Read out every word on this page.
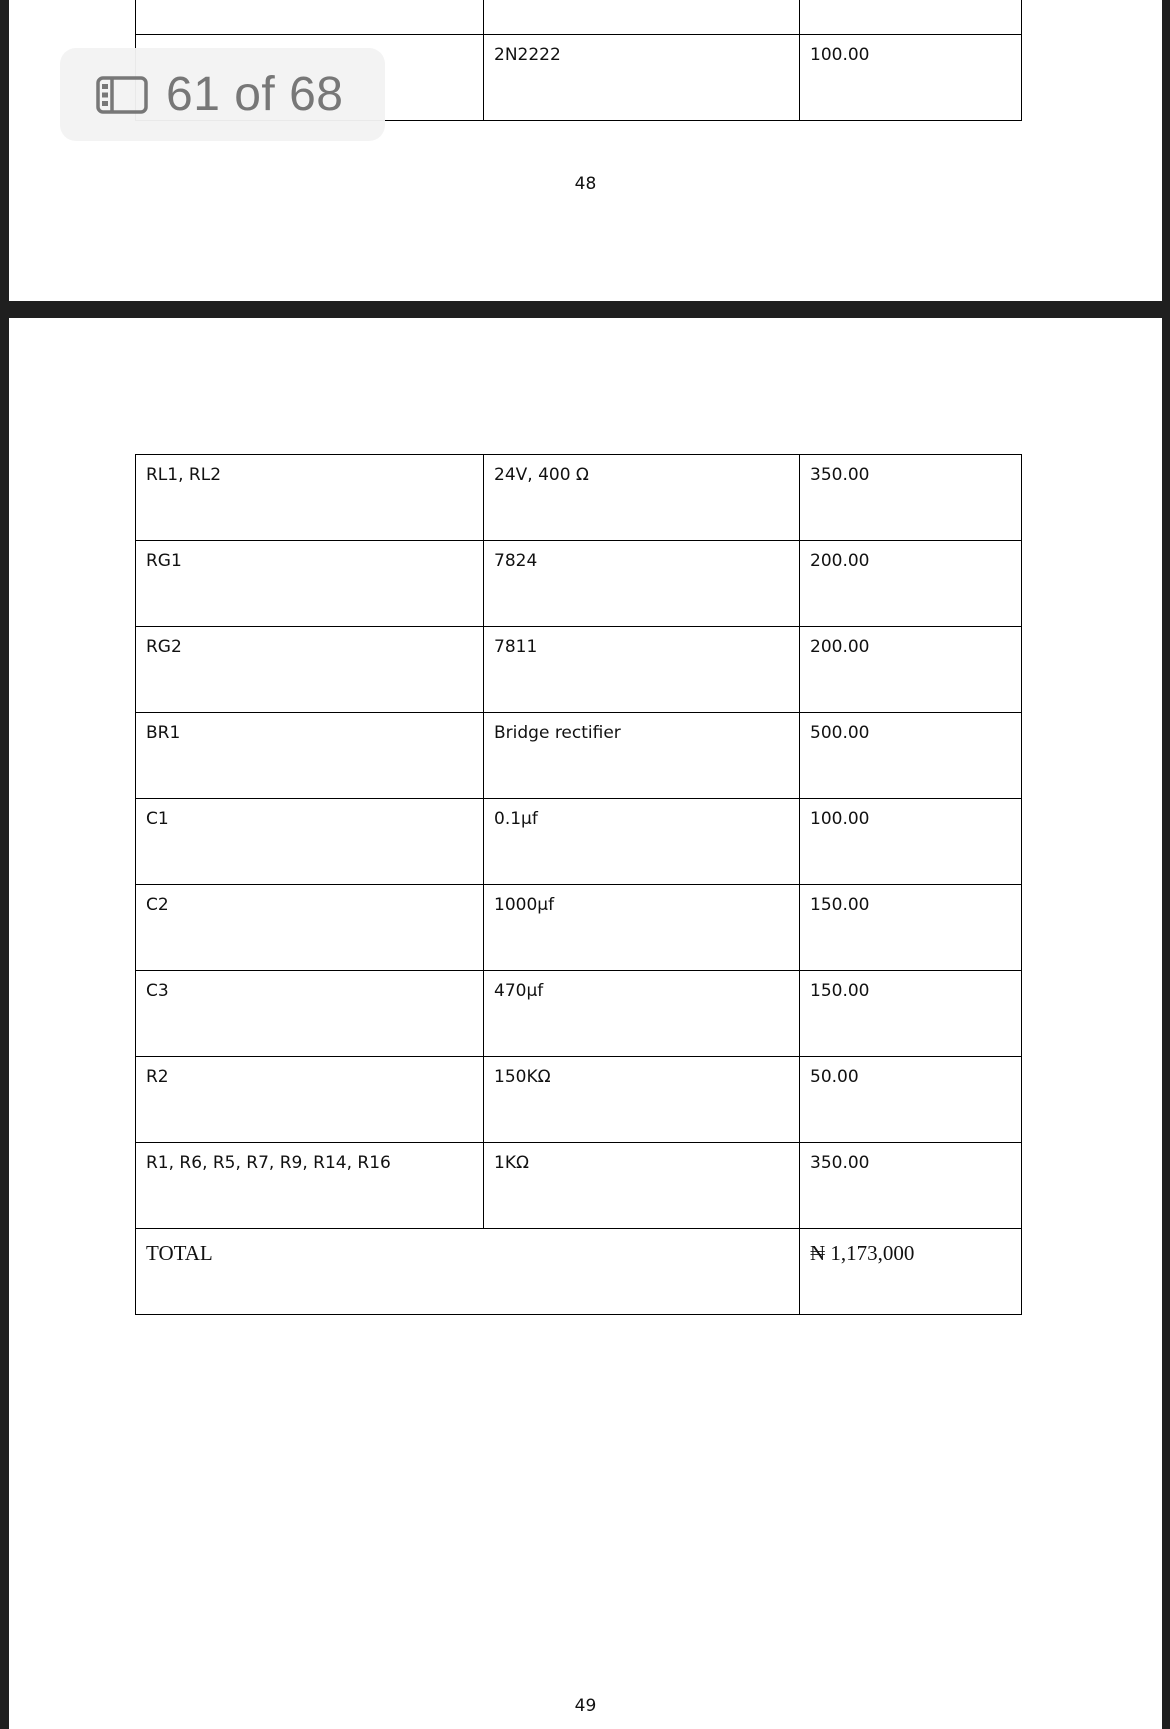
	2N2222	100.00
48
RL1, RL2	24V, 400 Ω	350.00
RG1	7824	200.00
RG2	7811	200.00
BR1	Bridge rectifier	500.00
C1	0.1µf	100.00
C2	1000µf	150.00
C3	470µf	150.00
R2	150KΩ	50.00
R1, R6, R5, R7, R9, R14, R16	1KΩ	350.00
TOTAL		₦ 1,173,000
49
61 of 68
